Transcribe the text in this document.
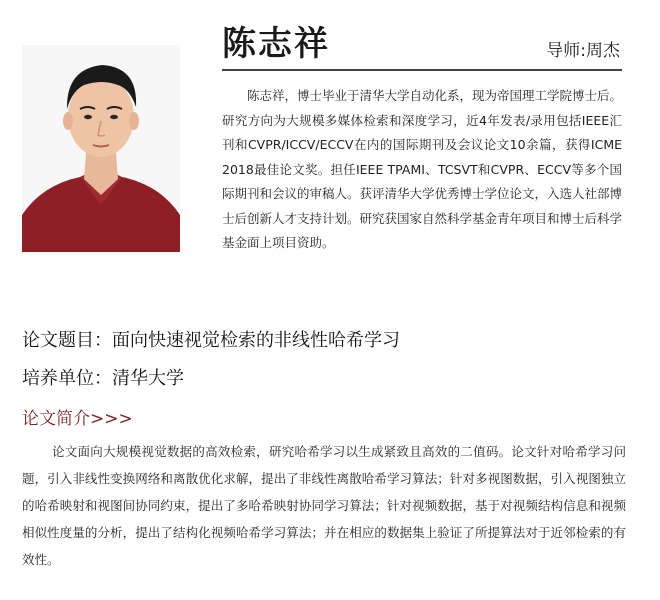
陈志祥	导师:周杰
陈志祥，博士毕业于清华大学自动化系，现为帝国理工学院博士后。研究方向为大规模多媒体检索和深度学习，近4年发表/录用包括IEEE汇刊和CVPR/ICCV/ECCV在内的国际期刊及会议论文10余篇，获得ICME 2018最佳论文奖。担任IEEE TPAMI、TCSVT和CVPR、ECCV等多个国际期刊和会议的审稿人。获评清华大学优秀博士学位论文，入选人社部博士后创新人才支持计划。研究获国家自然科学基金青年项目和博士后科学基金面上项目资助。
论文题目：面向快速视觉检索的非线性哈希学习
培养单位：清华大学
论文简介>>>
论文面向大规模视觉数据的高效检索，研究哈希学习以生成紧致且高效的二值码。论文针对哈希学习问题，引入非线性变换网络和离散优化求解，提出了非线性离散哈希学习算法；针对多视图数据，引入视图独立的哈希映射和视图间协同约束，提出了多哈希映射协同学习算法；针对视频数据，基于对视频结构信息和视频相似性度量的分析，提出了结构化视频哈希学习算法；并在相应的数据集上验证了所提算法对于近邻检索的有效性。
